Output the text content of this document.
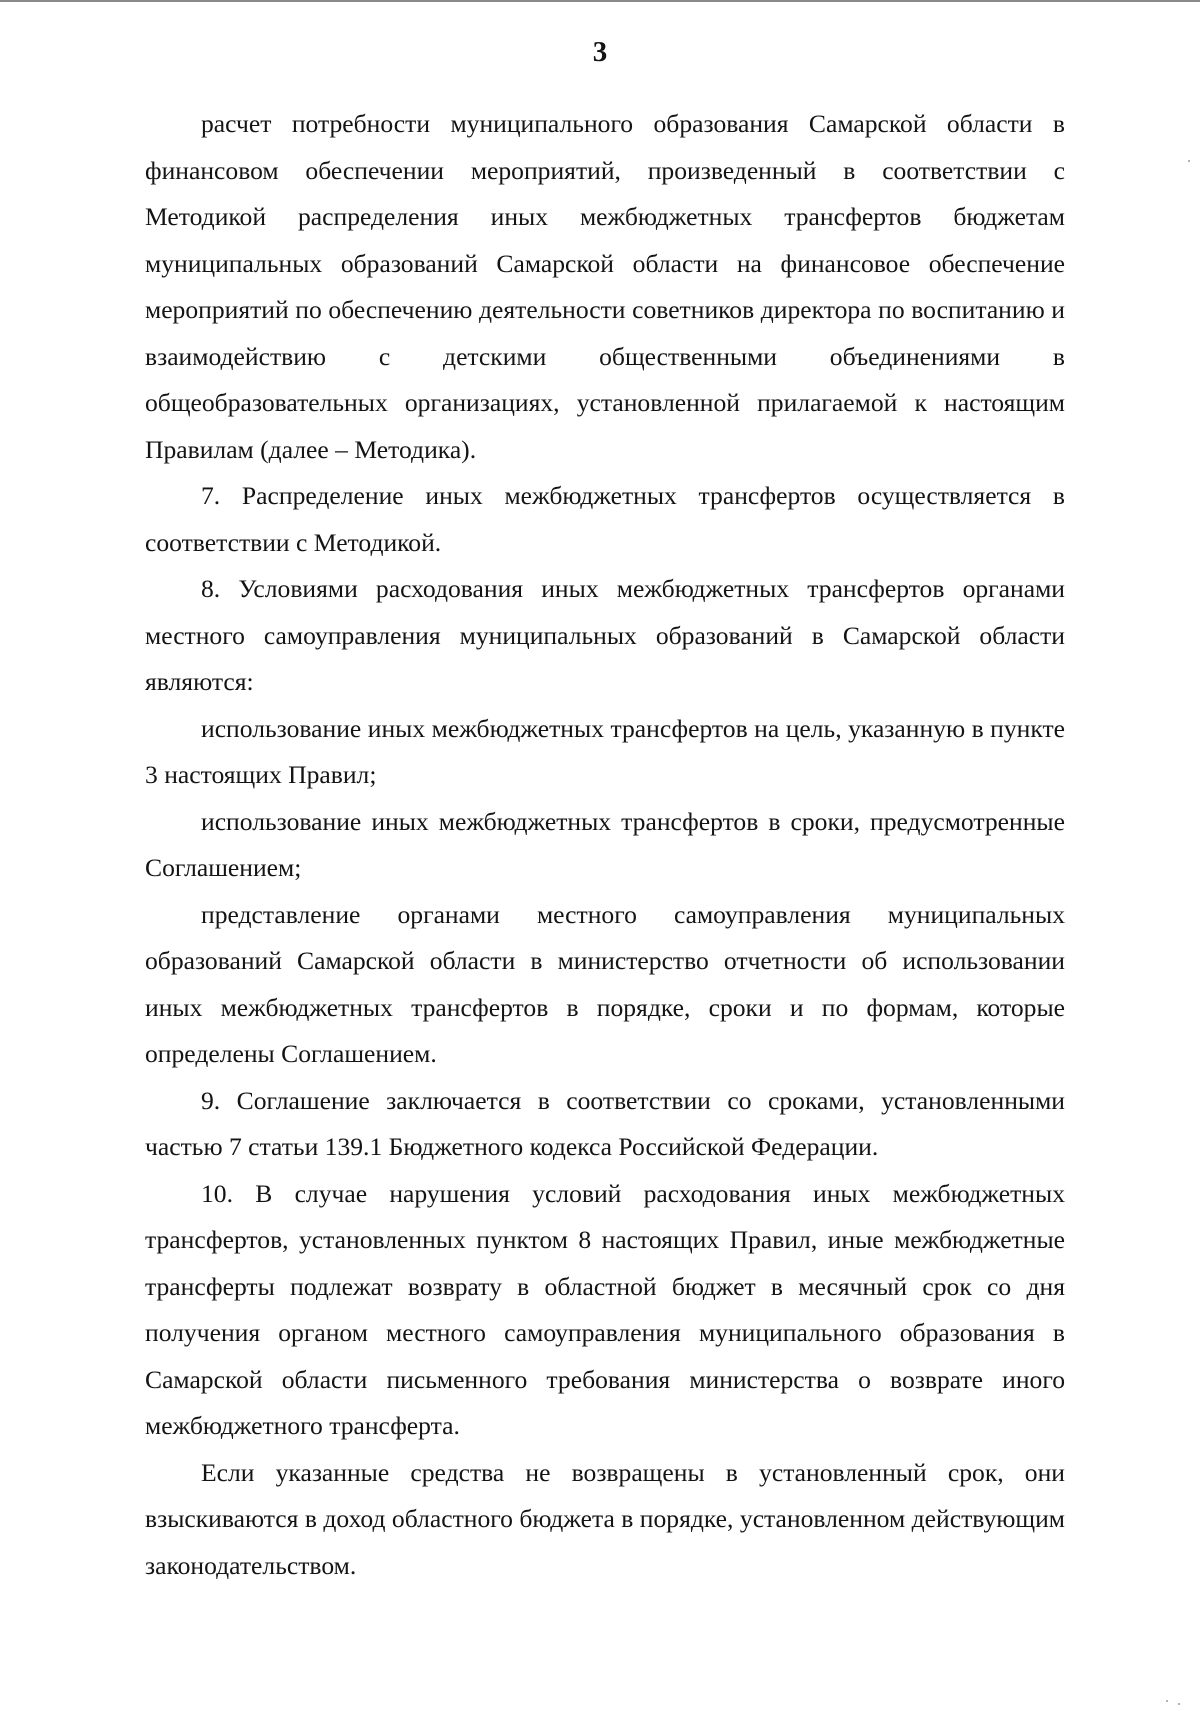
3

расчет потребности муниципального образования Самарской области в финансовом обеспечении мероприятий, произведенный в соответствии с Методикой распределения иных межбюджетных трансфертов бюджетам муниципальных образований Самарской области на финансовое обеспечение мероприятий по обеспечению деятельности советников директора по воспитанию и взаимодействию с детскими общественными объединениями в общеобразовательных организациях, установленной прилагаемой к настоящим Правилам (далее – Методика).

7. Распределение иных межбюджетных трансфертов осуществляется в соответствии с Методикой.

8. Условиями расходования иных межбюджетных трансфертов органами местного самоуправления муниципальных образований в Самарской области являются:

использование иных межбюджетных трансфертов на цель, указанную в пункте 3 настоящих Правил;

использование иных межбюджетных трансфертов в сроки, предусмотренные Соглашением;

представление органами местного самоуправления муниципальных образований Самарской области в министерство отчетности об использовании иных межбюджетных трансфертов в порядке, сроки и по формам, которые определены Соглашением.

9. Соглашение заключается в соответствии со сроками, установленными частью 7 статьи 139.1 Бюджетного кодекса Российской Федерации.

10. В случае нарушения условий расходования иных межбюджетных трансфертов, установленных пунктом 8 настоящих Правил, иные межбюджетные трансферты подлежат возврату в областной бюджет в месячный срок со дня получения органом местного самоуправления муниципального образования в Самарской области письменного требования министерства о возврате иного межбюджетного трансферта.

Если указанные средства не возвращены в установленный срок, они взыскиваются в доход областного бюджета в порядке, установленном действующим законодательством.
